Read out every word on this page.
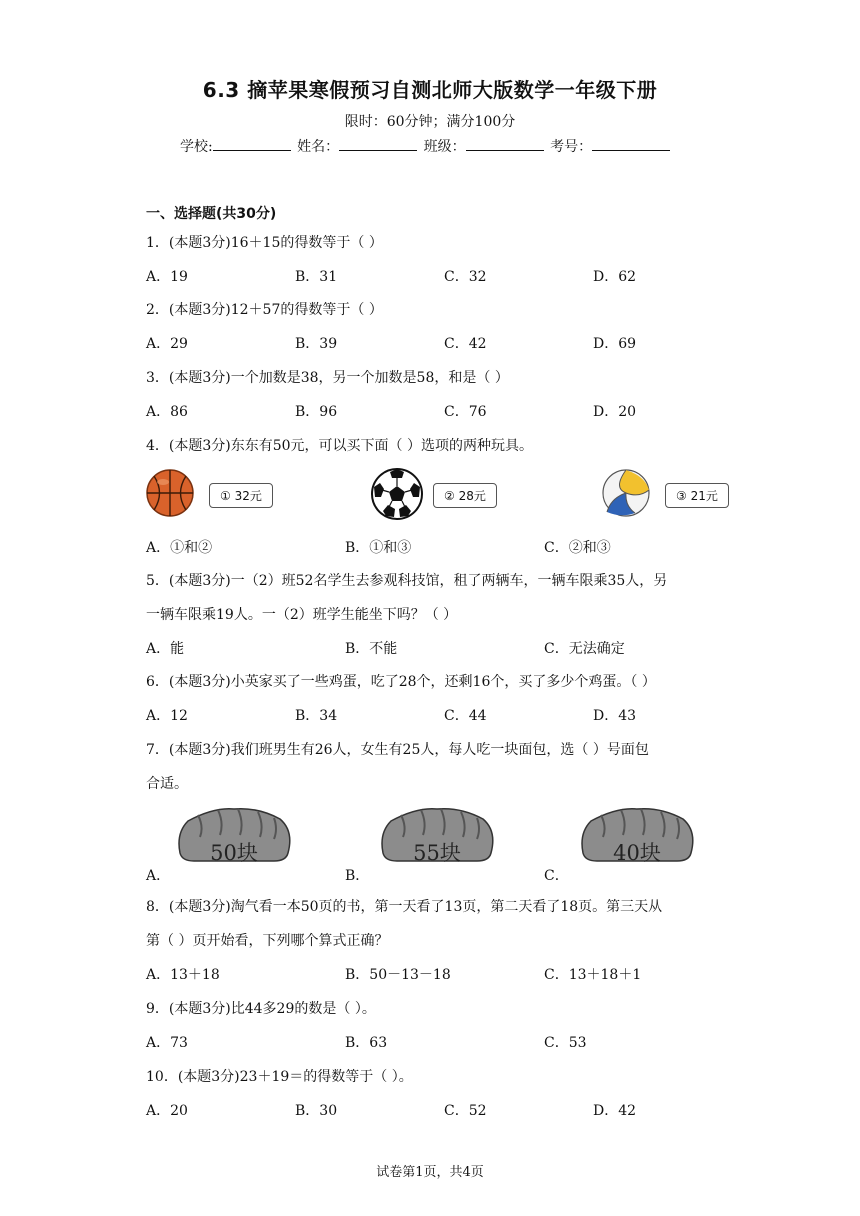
6.3 摘苹果寒假预习自测北师大版数学一年级下册
限时：60分钟；满分100分
学校:	姓名：	班级：	考号：
一、选择题(共30分)
1．(本题3分)16＋15的得数等于（ ）
A．19	B．31	C．32	D．62
2．(本题3分)12＋57的得数等于（ ）
A．29	B．39	C．42	D．69
3．(本题3分)一个加数是38，另一个加数是58，和是（ ）
A．86	B．96	C．76	D．20
4．(本题3分)东东有50元，可以买下面（ ）选项的两种玩具。
① 32元	② 28元	③ 21元
A．①和②	B．①和③	C．②和③
5．(本题3分)一（2）班52名学生去参观科技馆，租了两辆车，一辆车限乘35人，另
一辆车限乘19人。一（2）班学生能坐下吗？（ ）
A．能	B．不能	C．无法确定
6．(本题3分)小英家买了一些鸡蛋，吃了28个，还剩16个，买了多少个鸡蛋。（ ）
A．12	B．34	C．44	D．43
7．(本题3分)我们班男生有26人，女生有25人，每人吃一块面包，选（ ）号面包
合适。
50块	55块	40块
A．	B．	C．
8．(本题3分)淘气看一本50页的书，第一天看了13页，第二天看了18页。第三天从
第（ ）页开始看，下列哪个算式正确？
A．13＋18	B．50－13－18	C．13＋18＋1
9．(本题3分)比44多29的数是（ ）。
A．73	B．63	C．53
10．(本题3分)23＋19＝的得数等于（ ）。
A．20	B．30	C．52	D．42
试卷第1页，共4页
